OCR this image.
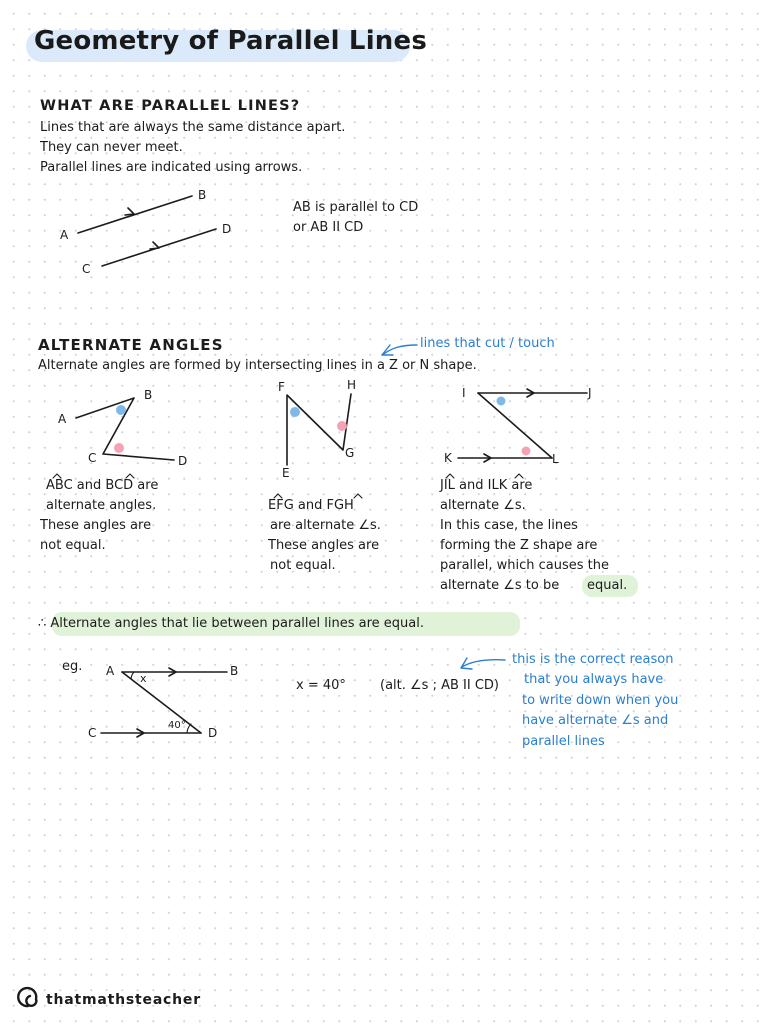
Geometry of Parallel Lines
WHAT ARE PARALLEL LINES?
Lines that are always the same distance apart.
They can never meet.
Parallel lines are indicated using arrows.
AB is parallel to CD
or AB II CD
ALTERNATE ANGLES	lines that cut / touch
Alternate angles are formed by intersecting lines in a Z or N shape.
ABC and BCD are
alternate angles.
These angles are
not equal.
EFG and FGH
are alternate ∠s.
These angles are
not equal.
JIL and ILK are
alternate ∠s.
In this case, the lines
forming the Z shape are
parallel, which causes the
alternate ∠s to be equal.
∴ Alternate angles that lie between parallel lines are equal.
eg.
x = 40°	(alt. ∠s ; AB II CD)
this is the correct reason
that you always have
to write down when you
have alternate ∠s and
parallel lines
A
B
C
D
A
B
C	D
F	H
G
E
I	J
K	L
A	B
C	D
x
40°
thatmathsteacher
